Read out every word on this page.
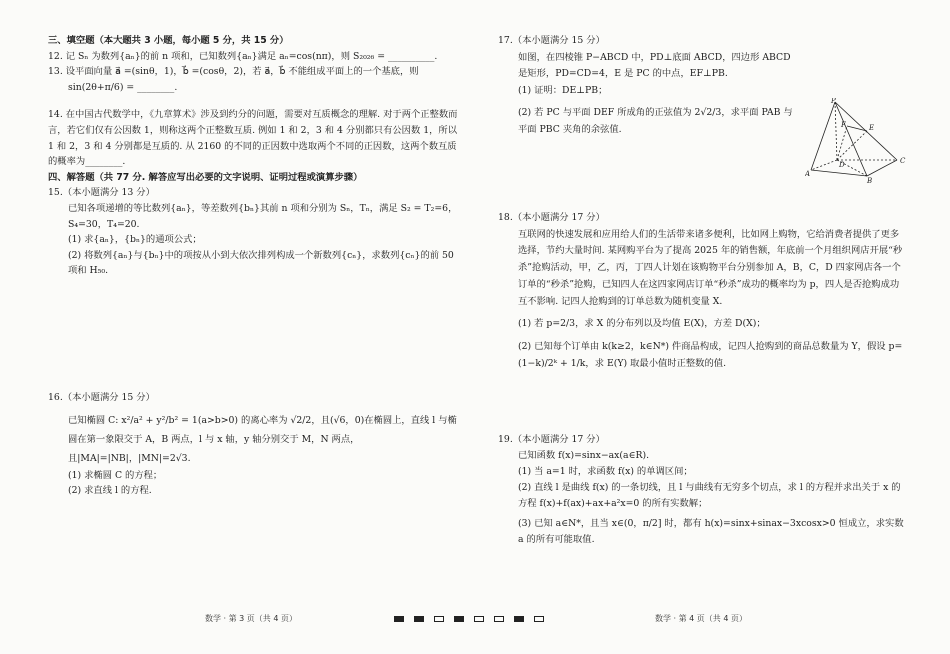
三、填空题（本大题共 3 小题，每小题 5 分，共 15 分）

12. 记 Sₙ 为数列{aₙ}的前 n 项和，已知数列{aₙ}满足 aₙ=cos(nπ)，则 S₂₀₂₆ = __________.

13. 设平面向量 a⃗ =(sinθ，1)，b⃗ =(cosθ，2)，若 a⃗，b⃗ 不能组成平面上的一个基底，则

sin(2θ+π/6) = ________.

14. 在中国古代数学中，《九章算术》涉及到约分的问题，需要对互质概念的理解. 对于两个正整数而言，若它们仅有公因数 1，则称这两个正整数互质. 例如 1 和 2，3 和 4 分别都只有公因数 1，所以 1 和 2，3 和 4 分别都是互质的. 从 2160 的不同的正因数中选取两个不同的正因数，这两个数互质的概率为________.

四、解答题（共 77 分. 解答应写出必要的文字说明、证明过程或演算步骤）

15.（本小题满分 13 分）

已知各项递增的等比数列{aₙ}，等差数列{bₙ}其前 n 项和分别为 Sₙ，Tₙ，满足 S₂ = T₂=6，S₄=30，T₄=20.

(1) 求{aₙ}，{bₙ}的通项公式；

(2) 将数列{aₙ}与{bₙ}中的项按从小到大依次排列构成一个新数列{cₙ}，求数列{cₙ}的前 50 项和 H₅₀.

16.（本小题满分 15 分）

已知椭圆 C: x²/a² + y²/b² = 1(a>b>0) 的离心率为 √2/2，且(√6，0)在椭圆上，直线 l 与椭圆在第一象限交于 A，B 两点，l 与 x 轴，y 轴分别交于 M，N 两点，且|MA|=|NB|，|MN|=2√3.

(1) 求椭圆 C 的方程；

(2) 求直线 l 的方程.

17.（本小题满分 15 分）

如图，在四棱锥 P−ABCD 中，PD⊥底面 ABCD，四边形 ABCD 是矩形，PD=CD=4，E 是 PC 的中点，EF⊥PB.

(1) 证明：DE⊥PB；

(2) 若 PC 与平面 DEF 所成角的正弦值为 2√2/3，求平面 PAB 与平面 PBC 夹角的余弦值.

P
E
F
D
A
B
C

18.（本小题满分 17 分）

互联网的快速发展和应用给人们的生活带来诸多便利，比如网上购物，它给消费者提供了更多选择，节约大量时间. 某网购平台为了提高 2025 年的销售额，年底前一个月组织网店开展“秒杀”抢购活动，甲，乙，丙，丁四人计划在该购物平台分别参加 A，B，C，D 四家网店各一个订单的“秒杀”抢购，已知四人在这四家网店订单“秒杀”成功的概率均为 p，四人是否抢购成功互不影响. 记四人抢购到的订单总数为随机变量 X.

(1) 若 p=2/3，求 X 的分布列以及均值 E(X)，方差 D(X)；

(2) 已知每个订单由 k(k≥2，k∈N*) 件商品构成，记四人抢购到的商品总数量为 Y，假设 p=(1−k)/2ᵏ + 1/k，求 E(Y) 取最小值时正整数的值.

19.（本小题满分 17 分）

已知函数 f(x)=sinx−ax(a∈R).

(1) 当 a=1 时，求函数 f(x) 的单调区间；

(2) 直线 l 是曲线 f(x) 的一条切线，且 l 与曲线有无穷多个切点，求 l 的方程并求出关于 x 的方程 f(x)+f(ax)+ax+a²x=0 的所有实数解；

(3) 已知 a∈N*，且当 x∈(0，π/2] 时，都有 h(x)=sinx+sinax−3xcosx>0 恒成立，求实数 a 的所有可能取值.

数学 · 第 3 页（共 4 页）	数学 · 第 4 页（共 4 页）
